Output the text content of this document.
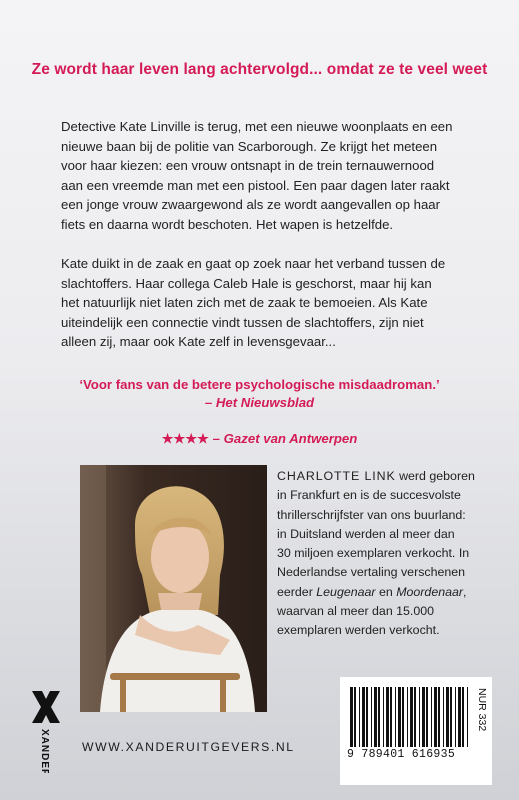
Ze wordt haar leven lang achtervolgd... omdat ze te veel weet

Detective Kate Linville is terug, met een nieuwe woonplaats en een
nieuwe baan bij de politie van Scarborough. Ze krijgt het meteen
voor haar kiezen: een vrouw ontsnapt in de trein ternauwernood
aan een vreemde man met een pistool. Een paar dagen later raakt
een jonge vrouw zwaargewond als ze wordt aangevallen op haar
fiets en daarna wordt beschoten. Het wapen is hetzelfde.

Kate duikt in de zaak en gaat op zoek naar het verband tussen de
slachtoffers. Haar collega Caleb Hale is geschorst, maar hij kan
het natuurlijk niet laten zich met de zaak te bemoeien. Als Kate
uiteindelijk een connectie vindt tussen de slachtoffers, zijn niet
alleen zij, maar ook Kate zelf in levensgevaar...

‘Voor fans van de betere psychologische misdaadroman.’
– Het Nieuwsblad
★★★★ – Gazet van Antwerpen

CHARLOTTE LINK werd geboren
in Frankfurt en is de succesvolste
thrillerschrijfster van ons buurland:
in Duitsland werden al meer dan
30 miljoen exemplaren verkocht. In
Nederlandse vertaling verschenen
eerder Leugenaar en Moordenaar,
waarvan al meer dan 15.000
exemplaren werden verkocht.

XANDER	WWW.XANDERUITGEVERS.NL
NUR 332
9 789401 616935
